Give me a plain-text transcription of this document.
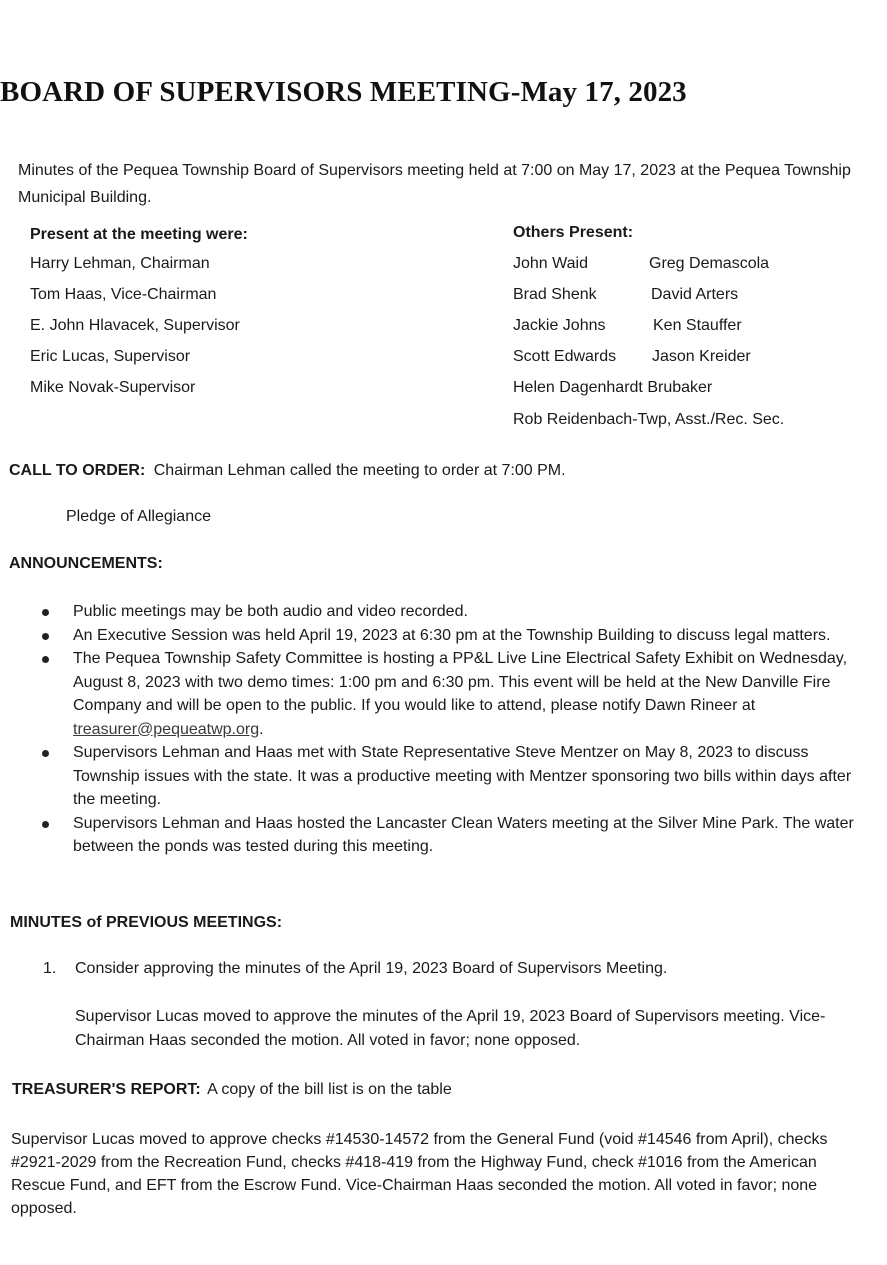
BOARD OF SUPERVISORS MEETING-May 17, 2023
Minutes of the Pequea Township Board of Supervisors meeting held at 7:00 on May 17, 2023 at the Pequea Township Municipal Building.
Present at the meeting were:
Harry Lehman, Chairman
Tom Haas, Vice-Chairman
E. John Hlavacek, Supervisor
Eric Lucas, Supervisor
Mike Novak-Supervisor
Others Present:
John Waid	Greg Demascola
Brad Shenk	David Arters
Jackie Johns	Ken Stauffer
Scott Edwards Jason Kreider
Helen Dagenhardt Brubaker
Rob Reidenbach-Twp, Asst./Rec. Sec.
CALL TO ORDER: Chairman Lehman called the meeting to order at 7:00 PM.
Pledge of Allegiance
ANNOUNCEMENTS:
Public meetings may be both audio and video recorded.
An Executive Session was held April 19, 2023 at 6:30 pm at the Township Building to discuss legal matters.
The Pequea Township Safety Committee is hosting a PP&L Live Line Electrical Safety Exhibit on Wednesday, August 8, 2023 with two demo times: 1:00 pm and 6:30 pm. This event will be held at the New Danville Fire Company and will be open to the public. If you would like to attend, please notify Dawn Rineer at treasurer@pequeatwp.org.
Supervisors Lehman and Haas met with State Representative Steve Mentzer on May 8, 2023 to discuss Township issues with the state. It was a productive meeting with Mentzer sponsoring two bills within days after the meeting.
Supervisors Lehman and Haas hosted the Lancaster Clean Waters meeting at the Silver Mine Park. The water between the ponds was tested during this meeting.
MINUTES of PREVIOUS MEETINGS:
1. Consider approving the minutes of the April 19, 2023 Board of Supervisors Meeting.
Supervisor Lucas moved to approve the minutes of the April 19, 2023 Board of Supervisors meeting. Vice-Chairman Haas seconded the motion. All voted in favor; none opposed.
TREASURER'S REPORT: A copy of the bill list is on the table
Supervisor Lucas moved to approve checks #14530-14572 from the General Fund (void #14546 from April), checks #2921-2029 from the Recreation Fund, checks #418-419 from the Highway Fund, check #1016 from the American Rescue Fund, and EFT from the Escrow Fund. Vice-Chairman Haas seconded the motion. All voted in favor; none opposed.
